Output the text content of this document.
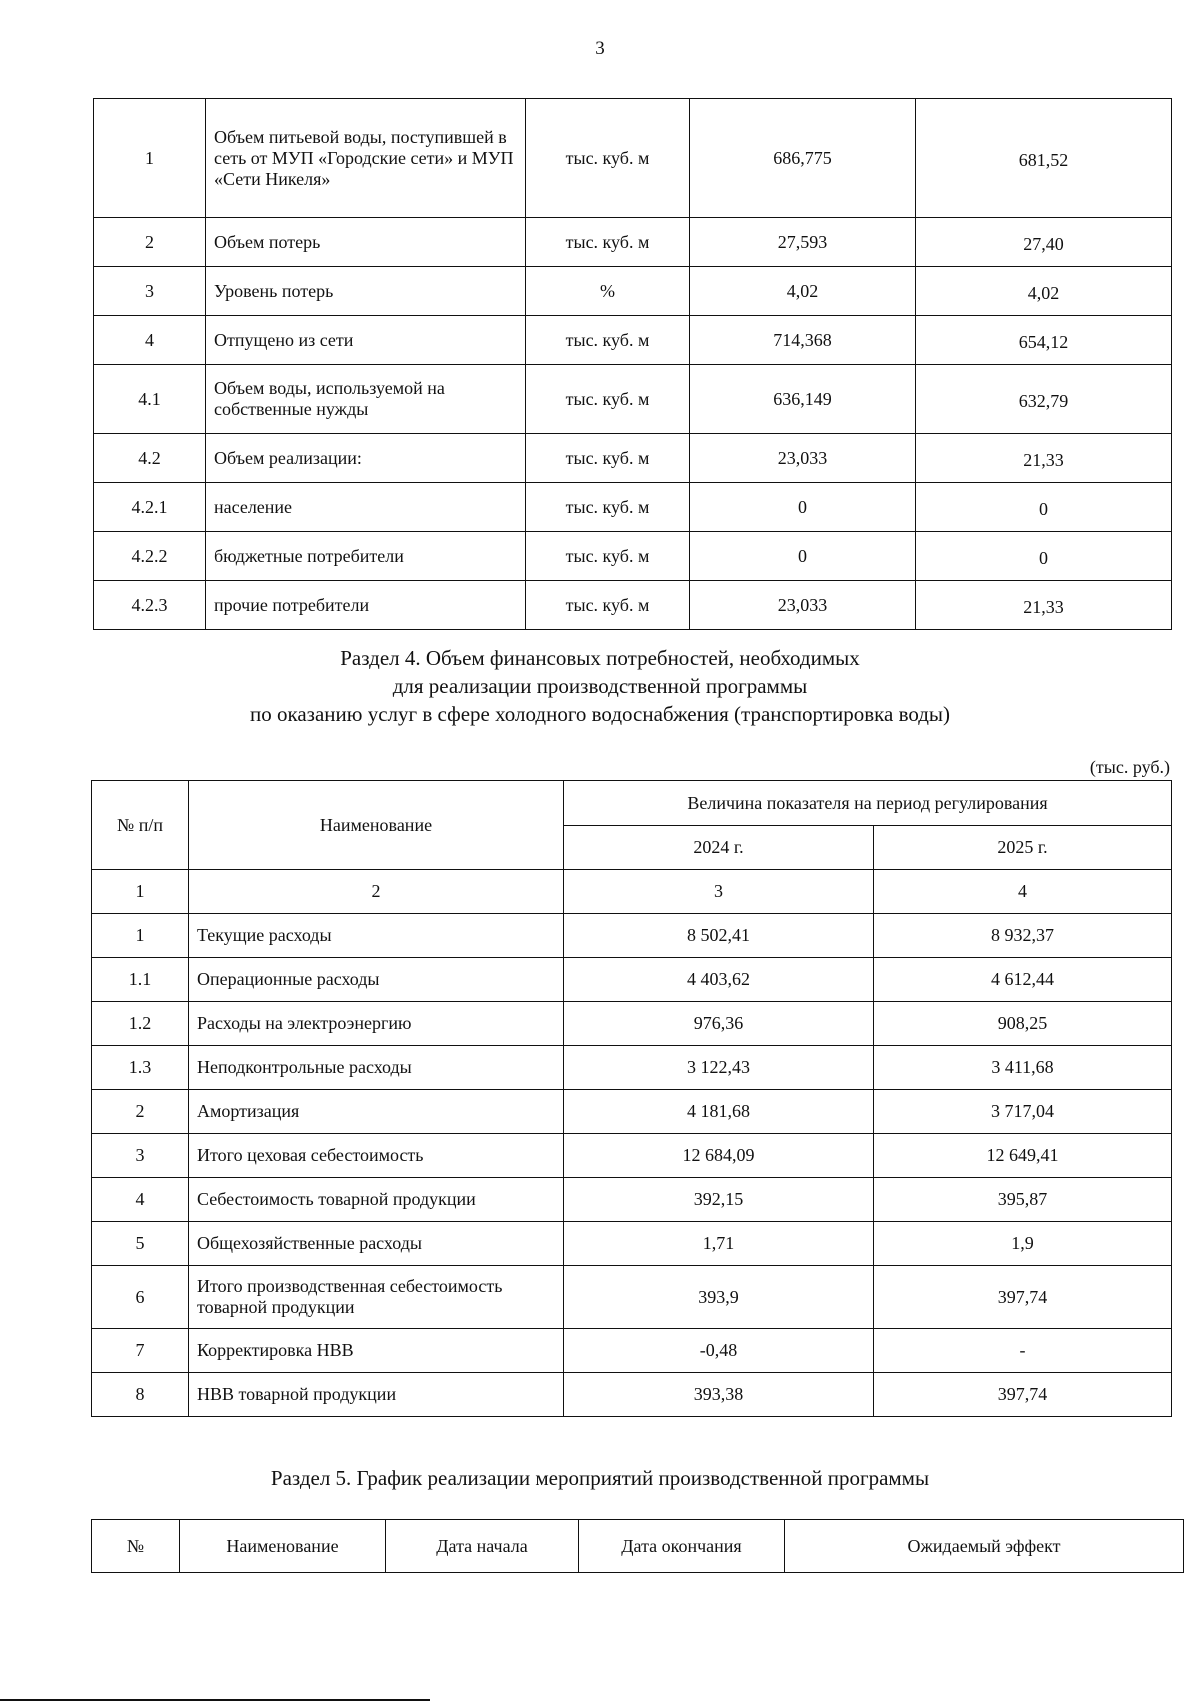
3
1	Объем питьевой воды, поступившей в сеть от МУП «Городские сети» и МУП «Сети Никеля»	тыс. куб. м	686,775	681,52
2	Объем потерь	тыс. куб. м	27,593	27,40
3	Уровень потерь	%	4,02	4,02
4	Отпущено из сети	тыс. куб. м	714,368	654,12
4.1	Объем воды, используемой на собственные нужды	тыс. куб. м	636,149	632,79
4.2	Объем реализации:	тыс. куб. м	23,033	21,33
4.2.1	население	тыс. куб. м	0	0
4.2.2	бюджетные потребители	тыс. куб. м	0	0
4.2.3	прочие потребители	тыс. куб. м	23,033	21,33
Раздел 4. Объем финансовых потребностей, необходимых
для реализации производственной программы
по оказанию услуг в сфере холодного водоснабжения (транспортировка воды)
(тыс. руб.)
№ п/п	Наименование	Величина показателя на период регулирования	
		2024 г.	2025 г.
1	2	3	4
1	Текущие расходы	8 502,41	8 932,37
1.1	Операционные расходы	4 403,62	4 612,44
1.2	Расходы на электроэнергию	976,36	908,25
1.3	Неподконтрольные расходы	3 122,43	3 411,68
2	Амортизация	4 181,68	3 717,04
3	Итого цеховая себестоимость	12 684,09	12 649,41
4	Себестоимость товарной продукции	392,15	395,87
5	Общехозяйственные расходы	1,71	1,9
6	Итого производственная себестоимость товарной продукции	393,9	397,74
7	Корректировка НВВ	-0,48	-
8	НВВ товарной продукции	393,38	397,74
Раздел 5. График реализации мероприятий производственной программы
№	Наименование	Дата начала	Дата окончания	Ожидаемый эффект
